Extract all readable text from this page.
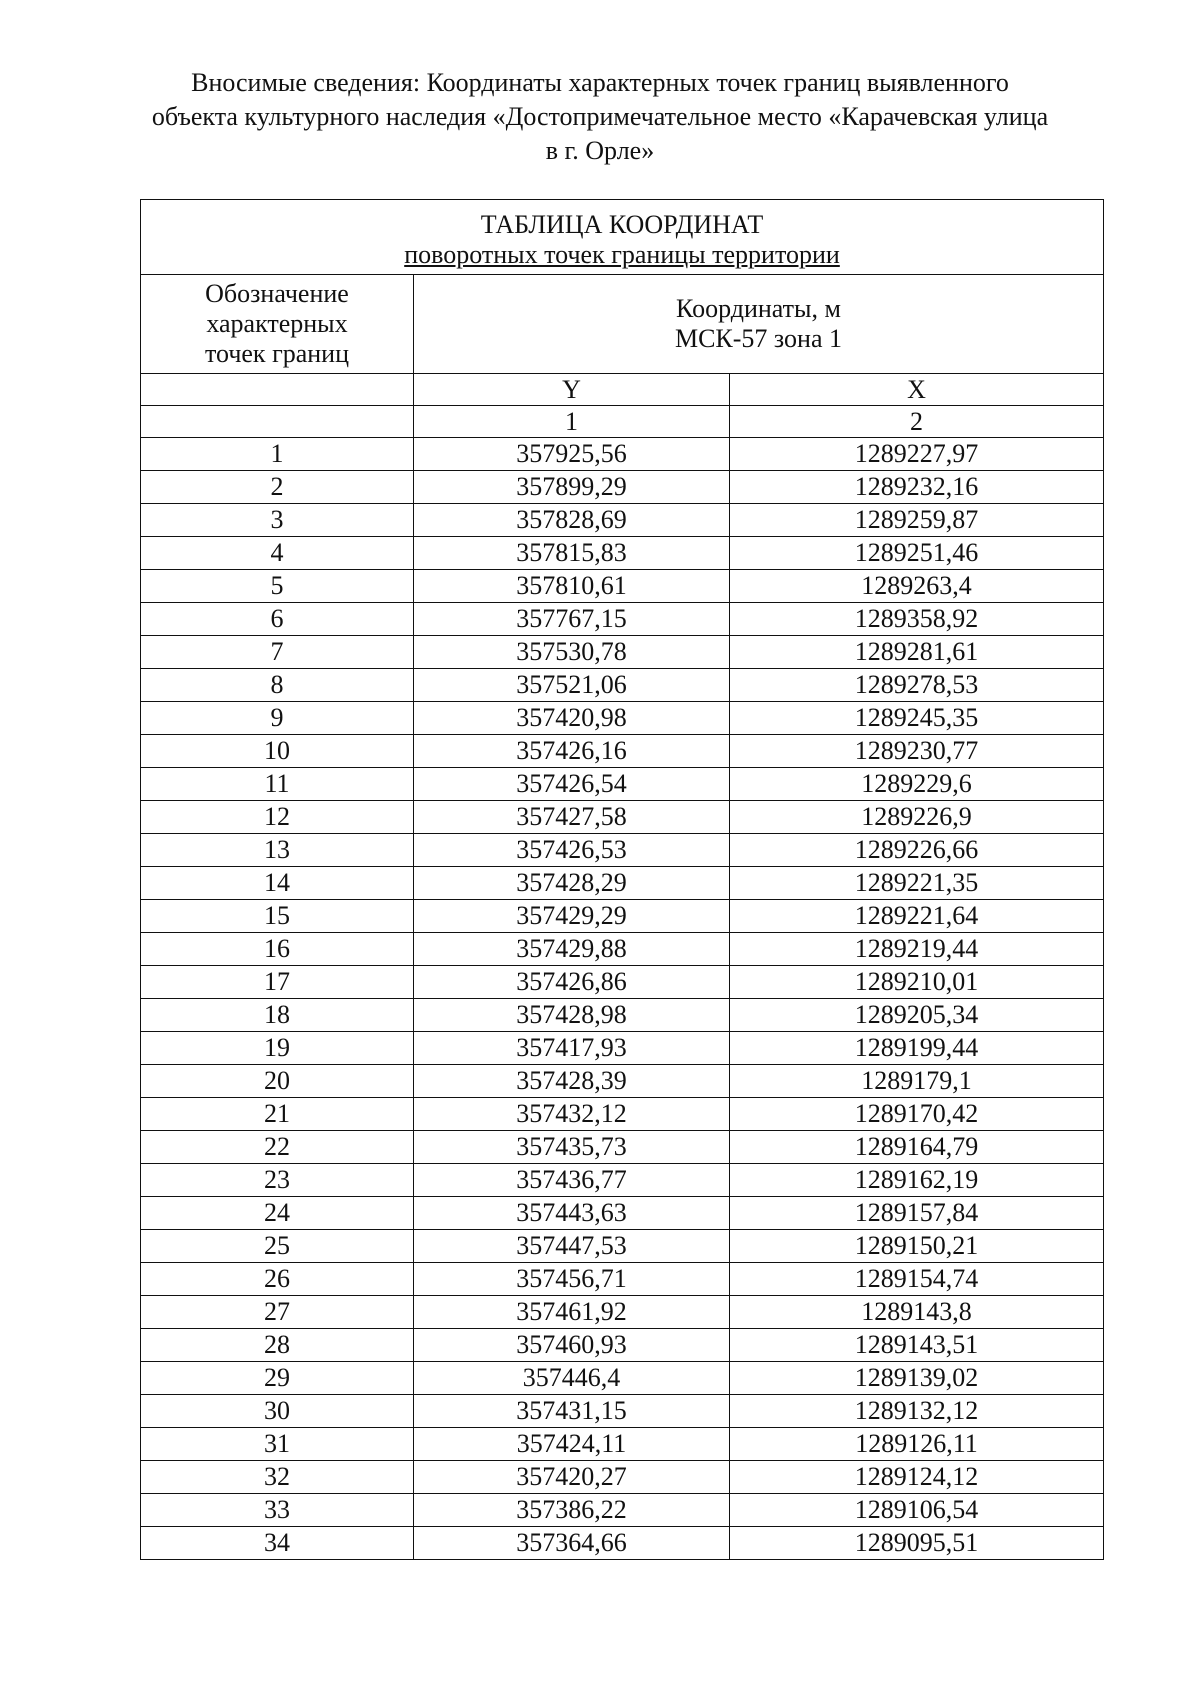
Вносимые сведения: Координаты характерных точек границ выявленного
объекта культурного наследия «Достопримечательное место «Карачевская улица
в г. Орле»
ТАБЛИЦА КООРДИНАТ
поворотных точек границы территории		

Обозначение
характерных
точек границ	Координаты, м
МСК-57 зона 1	

	Y	X
	1	2
1	357925,56	1289227,97
2	357899,29	1289232,16
3	357828,69	1289259,87
4	357815,83	1289251,46
5	357810,61	1289263,4
6	357767,15	1289358,92
7	357530,78	1289281,61
8	357521,06	1289278,53
9	357420,98	1289245,35
10	357426,16	1289230,77
11	357426,54	1289229,6
12	357427,58	1289226,9
13	357426,53	1289226,66
14	357428,29	1289221,35
15	357429,29	1289221,64
16	357429,88	1289219,44
17	357426,86	1289210,01
18	357428,98	1289205,34
19	357417,93	1289199,44
20	357428,39	1289179,1
21	357432,12	1289170,42
22	357435,73	1289164,79
23	357436,77	1289162,19
24	357443,63	1289157,84
25	357447,53	1289150,21
26	357456,71	1289154,74
27	357461,92	1289143,8
28	357460,93	1289143,51
29	357446,4	1289139,02
30	357431,15	1289132,12
31	357424,11	1289126,11
32	357420,27	1289124,12
33	357386,22	1289106,54
34	357364,66	1289095,51
